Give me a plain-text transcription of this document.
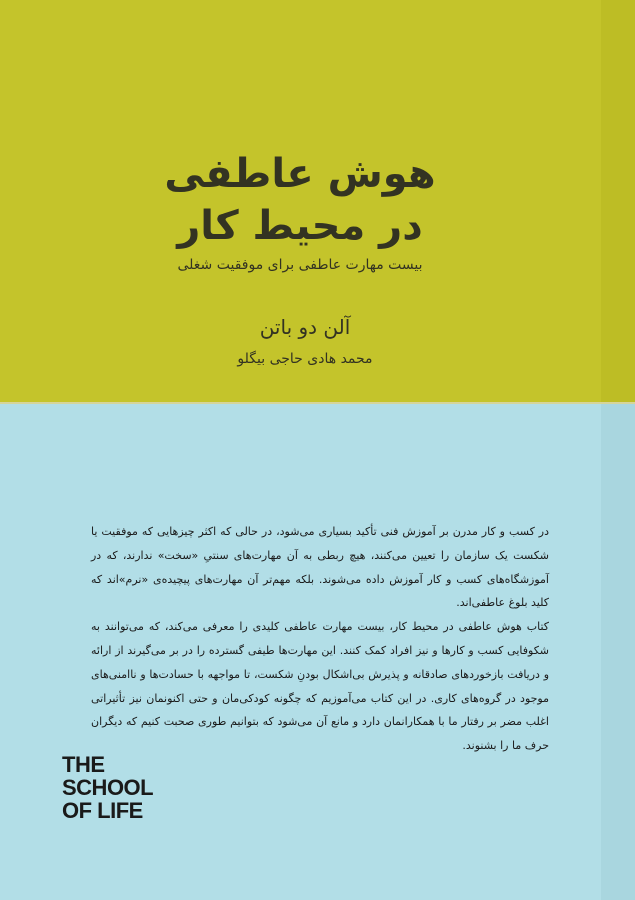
هوش عاطفی
در محیط کار
بیست مهارت عاطفی برای موفقیت شغلی
آلن دو باتن
محمد هادی حاجی بیگلو

در کسب و کار مدرن بر آموزش فنی تأکید بسیاری می‌شود، در حالی که اکثر چیزهایی که موفقیت یا شکست یک سازمان را تعیین می‌کنند، هیچ ربطی به آن مهارت‌های سنتیِ «سخت» ندارند، که در آموزشگاه‌های کسب و کار آموزش داده می‌شوند. بلکه مهم‌تر آن مهارت‌های پیچیده‌ی «نرم»اند که کلید بلوغ عاطفی‌اند.

کتاب هوش عاطفی در محیط کار، بیست مهارت عاطفی کلیدی را معرفی می‌کند، که می‌توانند به شکوفایی کسب و کارها و نیز افراد کمک کنند. این مهارت‌ها طیفی گسترده را در بر می‌گیرند از ارائه و دریافت بازخوردهای صادقانه و پذیرش بی‌اشکال بودنِ شکست، تا مواجهه با حسادت‌ها و ناامنی‌های موجود در گروه‌های کاری. در این کتاب می‌آموزیم که چگونه کودکی‌مان و حتی اکنونمان نیز تأثیراتی اغلب مضر بر رفتار ما با همکارانمان دارد و مانع آن می‌شود که بتوانیم طوری صحبت کنیم که دیگران حرف ما را بشنوند.

THE
SCHOOL
OF LIFE
